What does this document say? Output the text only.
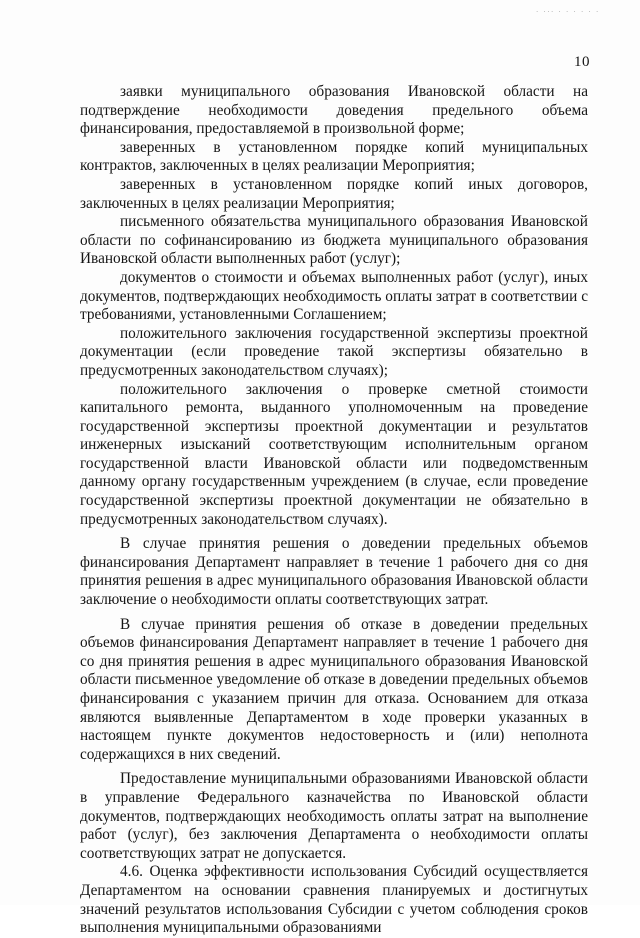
. ... . . . . . .
10

заявки муниципального образования Ивановской области на подтверждение необходимости доведения предельного объема финансирования, предоставляемой в произвольной форме;

заверенных в установленном порядке копий муниципальных контрактов, заключенных в целях реализации Мероприятия;

заверенных в установленном порядке копий иных договоров, заключенных в целях реализации Мероприятия;

письменного обязательства муниципального образования Ивановской области по софинансированию из бюджета муниципального образования Ивановской области выполненных работ (услуг);

документов о стоимости и объемах выполненных работ (услуг), иных документов, подтверждающих необходимость оплаты затрат в соответствии с требованиями, установленными Соглашением;

положительного заключения государственной экспертизы проектной документации (если проведение такой экспертизы обязательно в предусмотренных законодательством случаях);

положительного заключения о проверке сметной стоимости капитального ремонта, выданного уполномоченным на проведение государственной экспертизы проектной документации и результатов инженерных изысканий соответствующим исполнительным органом государственной власти Ивановской области или подведомственным данному органу государственным учреждением (в случае, если проведение государственной экспертизы проектной документации не обязательно в предусмотренных законодательством случаях).

В случае принятия решения о доведении предельных объемов финансирования Департамент направляет в течение 1 рабочего дня со дня принятия решения в адрес муниципального образования Ивановской области заключение о необходимости оплаты соответствующих затрат.

В случае принятия решения об отказе в доведении предельных объемов финансирования Департамент направляет в течение 1 рабочего дня со дня принятия решения в адрес муниципального образования Ивановской области письменное уведомление об отказе в доведении предельных объемов финансирования с указанием причин для отказа. Основанием для отказа являются выявленные Департаментом в ходе проверки указанных в настоящем пункте документов недостоверность и (или) неполнота содержащихся в них сведений.

Предоставление муниципальными образованиями Ивановской области в управление Федерального казначейства по Ивановской области документов, подтверждающих необходимость оплаты затрат на выполнение работ (услуг), без заключения Департамента о необходимости оплаты соответствующих затрат не допускается.

4.6. Оценка эффективности использования Субсидий осуществляется Департаментом на основании сравнения планируемых и достигнутых значений результатов использования Субсидии с учетом соблюдения сроков выполнения муниципальными образованиями
